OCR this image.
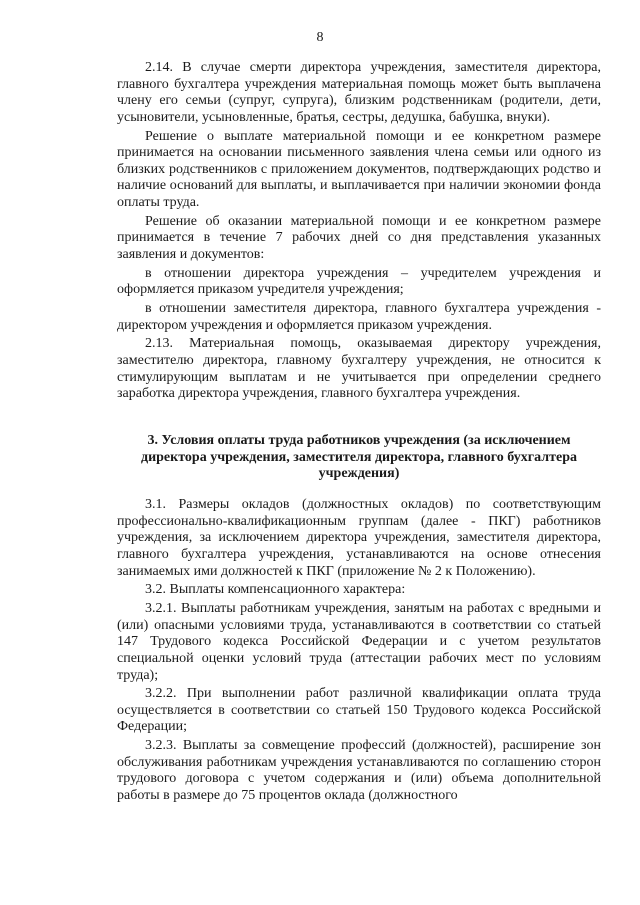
8

2.14. В случае смерти директора учреждения, заместителя директора, главного бухгалтера учреждения материальная помощь может быть выплачена члену его семьи (супруг, супруга), близким родственникам (родители, дети, усыновители, усыновленные, братья, сестры, дедушка, бабушка, внуки).

Решение о выплате материальной помощи и ее конкретном размере принимается на основании письменного заявления члена семьи или одного из близких родственников с приложением документов, подтверждающих родство и наличие оснований для выплаты, и выплачивается при наличии экономии фонда оплаты труда.

Решение об оказании материальной помощи и ее конкретном размере принимается в течение 7 рабочих дней со дня представления указанных заявления и документов:

в отношении директора учреждения – учредителем учреждения и оформляется приказом учредителя учреждения;

в отношении заместителя директора, главного бухгалтера учреждения - директором учреждения и оформляется приказом учреждения.

2.13. Материальная помощь, оказываемая директору учреждения, заместителю директора, главному бухгалтеру учреждения, не относится к стимулирующим выплатам и не учитывается при определении среднего заработка директора учреждения, главного бухгалтера учреждения.

3. Условия оплаты труда работников учреждения (за исключением директора учреждения, заместителя директора, главного бухгалтера учреждения)

3.1. Размеры окладов (должностных окладов) по соответствующим профессионально-квалификационным группам (далее - ПКГ) работников учреждения, за исключением директора учреждения, заместителя директора, главного бухгалтера учреждения, устанавливаются на основе отнесения занимаемых ими должностей к ПКГ (приложение № 2 к Положению).

3.2. Выплаты компенсационного характера:

3.2.1. Выплаты работникам учреждения, занятым на работах с вредными и (или) опасными условиями труда, устанавливаются в соответствии со статьей 147 Трудового кодекса Российской Федерации и с учетом результатов специальной оценки условий труда (аттестации рабочих мест по условиям труда);

3.2.2. При выполнении работ различной квалификации оплата труда осуществляется в соответствии со статьей 150 Трудового кодекса Российской Федерации;

3.2.3. Выплаты за совмещение профессий (должностей), расширение зон обслуживания работникам учреждения устанавливаются по соглашению сторон трудового договора с учетом содержания и (или) объема дополнительной работы в размере до 75 процентов оклада (должностного
